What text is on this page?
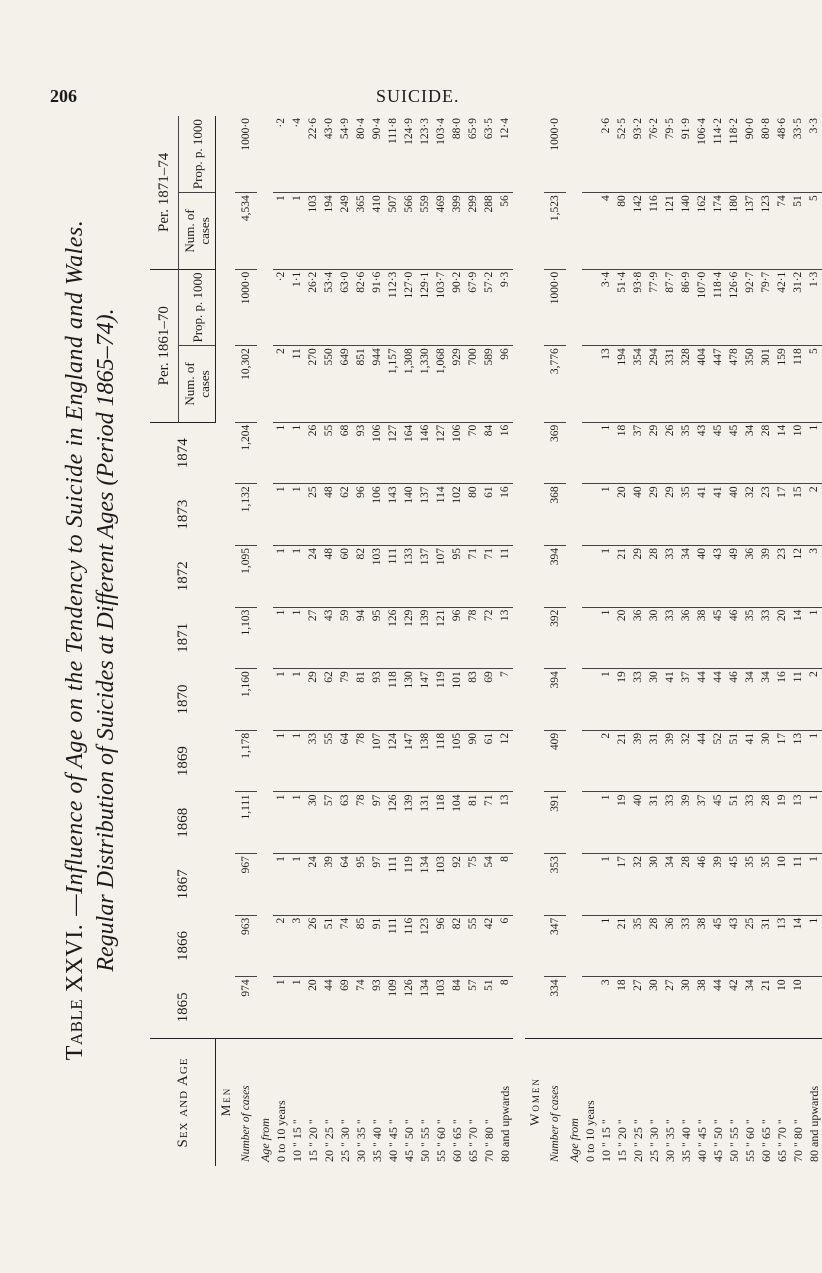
206	SUICIDE.
Table XXVI.—Influence of Age on the Tendency to Suicide in England and Wales. Regular Distribution of Suicides at Different Ages (Period 1865–74).
Sex and Age	1865	1866	1867	1868	1869	1870	1871	1872	1873	1874	Per. 1861–70		Per. 1871–74	
											Num. of cases	Prop. p. 1000	Num. of cases	Prop. p. 1000
Men														
Number of cases	974	963	967	1,111	1,178	1,160	1,103	1,095	1,132	1,204	10,302	1000·0	4,534	1000·0
Age from														
0 to 10 years	1	2	1	1	1	1	1	1	1	1	2	·2	1	·2
10 " 15 "	1	3	1	1	1	1	1	1	1	1	11	1·1	1	·4
15 " 20 "	20	26	24	30	33	29	27	24	25	26	270	26·2	103	22·6
20 " 25 "	44	51	39	57	55	62	43	48	48	55	550	53·4	194	43·0
25 " 30 "	69	74	64	63	64	79	59	60	62	68	649	63·0	249	54·9
30 " 35 "	74	85	95	78	78	81	94	82	96	93	851	82·6	365	80·4
35 " 40 "	93	91	97	97	107	93	95	103	106	106	944	91·6	410	90·4
40 " 45 "	109	111	111	126	124	118	126	111	143	127	1,157	112·3	507	111·8
45 " 50 "	126	116	119	139	147	130	129	133	140	164	1,308	127·0	566	124·9
50 " 55 "	134	123	134	131	138	147	139	137	137	146	1,330	129·1	559	123·3
55 " 60 "	103	96	103	118	118	119	121	107	114	127	1,068	103·7	469	103·4
60 " 65 "	84	82	92	104	105	101	96	95	102	106	929	90·2	399	88·0
65 " 70 "	57	55	75	81	90	83	78	71	80	70	700	67·9	299	65·9
70 " 80 "	51	42	54	71	61	69	72	71	61	84	589	57·2	288	63·5
80 and upwards	8	6	8	13	12	7	13	11	16	16	96	9·3	56	12·4

Women														
Number of cases	334	347	353	391	409	394	392	394	368	369	3,776	1000·0	1,523	1000·0
Age from														
0 to 10 years														
10 " 15 "	3	1	1	1	2	1	1	1	1	1	13	3·4	4	2·6
15 " 20 "	18	21	17	19	21	19	20	21	20	18	194	51·4	80	52·5
20 " 25 "	27	35	32	40	39	33	36	29	40	37	354	93·8	142	93·2
25 " 30 "	30	28	30	31	31	30	30	28	29	29	294	77·9	116	76·2
30 " 35 "	27	36	34	33	39	41	33	33	29	26	331	87·7	121	79·5
35 " 40 "	30	33	28	39	32	37	36	34	35	35	328	86·9	140	91·9
40 " 45 "	38	38	46	37	44	44	38	40	41	43	404	107·0	162	106·4
45 " 50 "	44	45	39	45	52	44	45	43	41	45	447	118·4	174	114·2
50 " 55 "	42	43	45	51	51	46	46	49	40	45	478	126·6	180	118·2
55 " 60 "	34	25	35	33	41	34	35	36	32	34	350	92·7	137	90·0
60 " 65 "	21	31	35	28	30	34	33	39	23	28	301	79·7	123	80·8
65 " 70 "	10	13	10	19	17	16	20	23	17	14	159	42·1	74	48·6
70 " 80 "	10	14	11	13	13	11	14	12	15	10	118	31·2	51	33·5
80 and upwards		1	1	1	1	2	1	3	2	1	5	1·3	5	3·3
